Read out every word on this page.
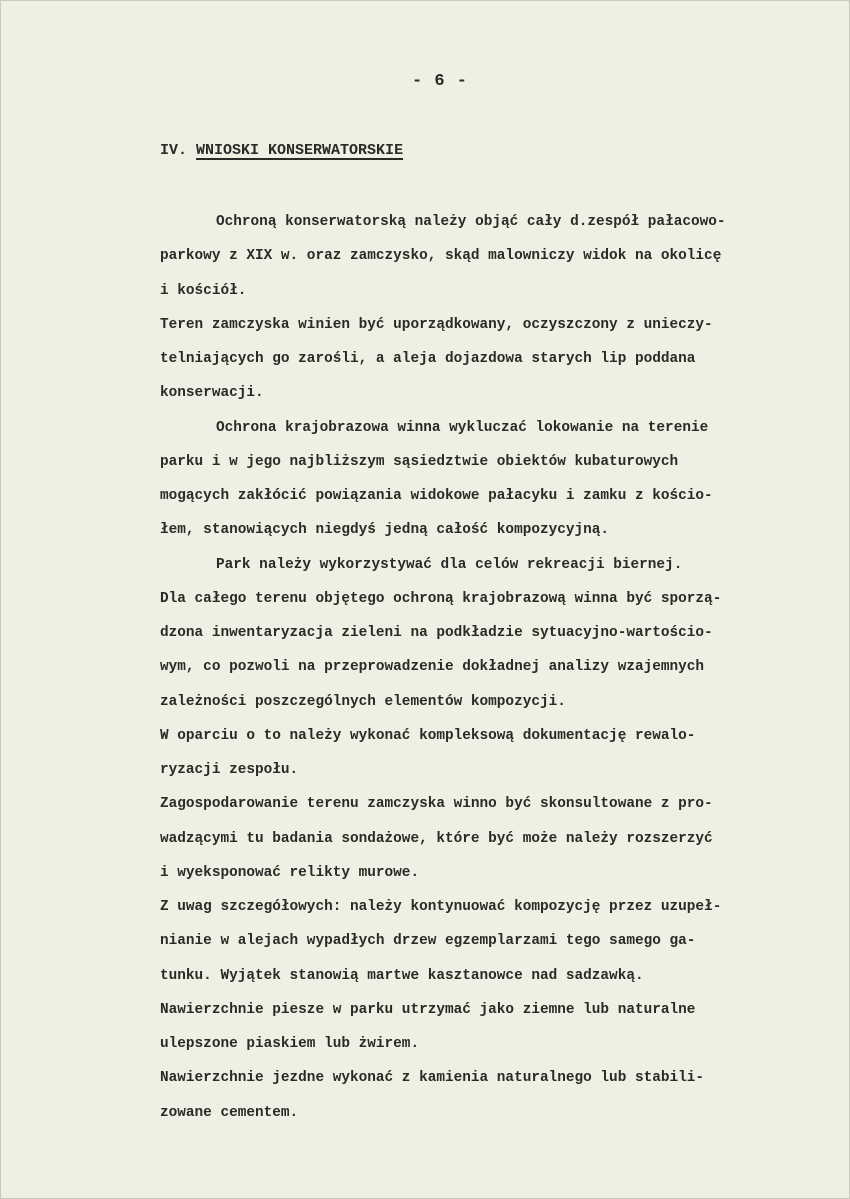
- 6 -
IV. WNIOSKI KONSERWATORSKIE
Ochroną konserwatorską należy objąć cały d.zespół pałacowo-
parkowy z XIX w. oraz zamczysko, skąd malowniczy widok na okolicę
i kościół.
Teren zamczyska winien być uporządkowany, oczyszczony z unieczy-
telniających go zarośli, a aleja dojazdowa starych lip poddana
konserwacji.
Ochrona krajobrazowa winna wykluczać lokowanie na terenie
parku i w jego najbliższym sąsiedztwie obiektów kubaturowych
mogących zakłócić powiązania widokowe pałacyku i zamku z kościo-
łem, stanowiących niegdyś jedną całość kompozycyjną.
Park należy wykorzystywać dla celów rekreacji biernej.
Dla całego terenu objętego ochroną krajobrazową winna być sporzą-
dzona inwentaryzacja zieleni na podkładzie sytuacyjno-wartościo-
wym, co pozwoli na przeprowadzenie dokładnej analizy wzajemnych
zależności poszczególnych elementów kompozycji.
W oparciu o to należy wykonać kompleksową dokumentację rewalo-
ryzacji zespołu.
Zagospodarowanie terenu zamczyska winno być skonsultowane z pro-
wadzącymi tu badania sondażowe, które być może należy rozszerzyć
i wyeksponować relikty murowe.
Z uwag szczegółowych: należy kontynuować kompozycję przez uzupeł-
nianie w alejach wypadłych drzew egzemplarzami tego samego ga-
tunku. Wyjątek stanowią martwe kasztanowce nad sadzawką.
Nawierzchnie piesze w parku utrzymać jako ziemne lub naturalne
ulepszone piaskiem lub żwirem.
Nawierzchnie jezdne wykonać z kamienia naturalnego lub stabili-
zowane cementem.
